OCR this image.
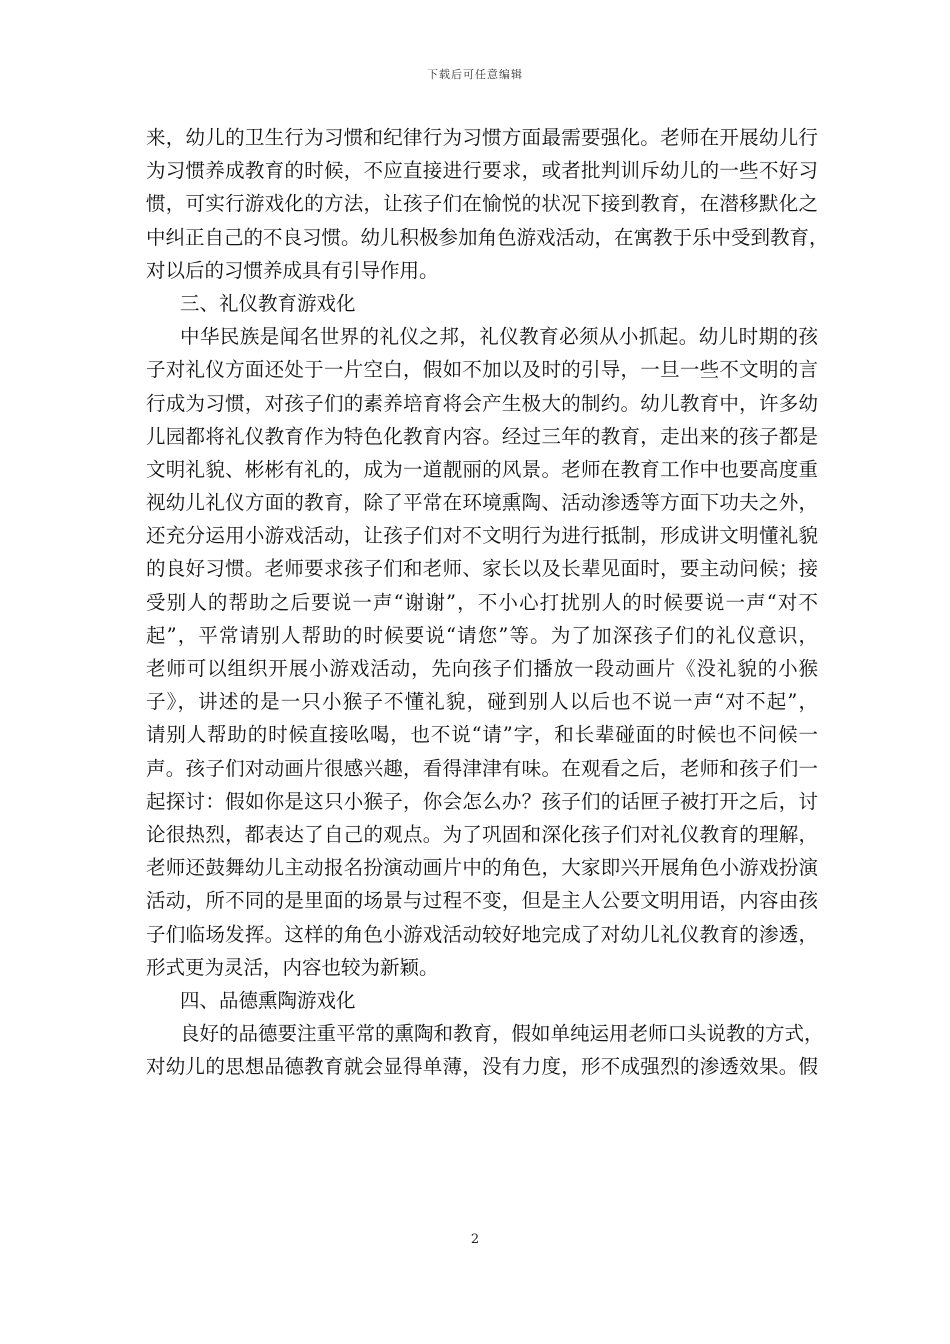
下载后可任意编辑
来，幼儿的卫生行为习惯和纪律行为习惯方面最需要强化。老师在开展幼儿行
为习惯养成教育的时候，不应直接进行要求，或者批判训斥幼儿的一些不好习
惯，可实行游戏化的方法，让孩子们在愉悦的状况下接到教育，在潜移默化之
中纠正自己的不良习惯。幼儿积极参加角色游戏活动，在寓教于乐中受到教育，
对以后的习惯养成具有引导作用。
三、礼仪教育游戏化
中华民族是闻名世界的礼仪之邦，礼仪教育必须从小抓起。幼儿时期的孩
子对礼仪方面还处于一片空白，假如不加以及时的引导，一旦一些不文明的言
行成为习惯，对孩子们的素养培育将会产生极大的制约。幼儿教育中，许多幼
儿园都将礼仪教育作为特色化教育内容。经过三年的教育，走出来的孩子都是
文明礼貌、彬彬有礼的，成为一道靓丽的风景。老师在教育工作中也要高度重
视幼儿礼仪方面的教育，除了平常在环境熏陶、活动渗透等方面下功夫之外，
还充分运用小游戏活动，让孩子们对不文明行为进行抵制，形成讲文明懂礼貌
的良好习惯。老师要求孩子们和老师、家长以及长辈见面时，要主动问候；接
受别人的帮助之后要说一声“谢谢”，不小心打扰别人的时候要说一声“对不
起”，平常请别人帮助的时候要说“请您”等。为了加深孩子们的礼仪意识，
老师可以组织开展小游戏活动，先向孩子们播放一段动画片《没礼貌的小猴
子》，讲述的是一只小猴子不懂礼貌，碰到别人以后也不说一声“对不起”，
请别人帮助的时候直接吆喝，也不说“请”字，和长辈碰面的时候也不问候一
声。孩子们对动画片很感兴趣，看得津津有味。在观看之后，老师和孩子们一
起探讨：假如你是这只小猴子，你会怎么办？孩子们的话匣子被打开之后，讨
论很热烈，都表达了自己的观点。为了巩固和深化孩子们对礼仪教育的理解，
老师还鼓舞幼儿主动报名扮演动画片中的角色，大家即兴开展角色小游戏扮演
活动，所不同的是里面的场景与过程不变，但是主人公要文明用语，内容由孩
子们临场发挥。这样的角色小游戏活动较好地完成了对幼儿礼仪教育的渗透，
形式更为灵活，内容也较为新颖。
四、品德熏陶游戏化
良好的品德要注重平常的熏陶和教育，假如单纯运用老师口头说教的方式，
对幼儿的思想品德教育就会显得单薄，没有力度，形不成强烈的渗透效果。假
2
